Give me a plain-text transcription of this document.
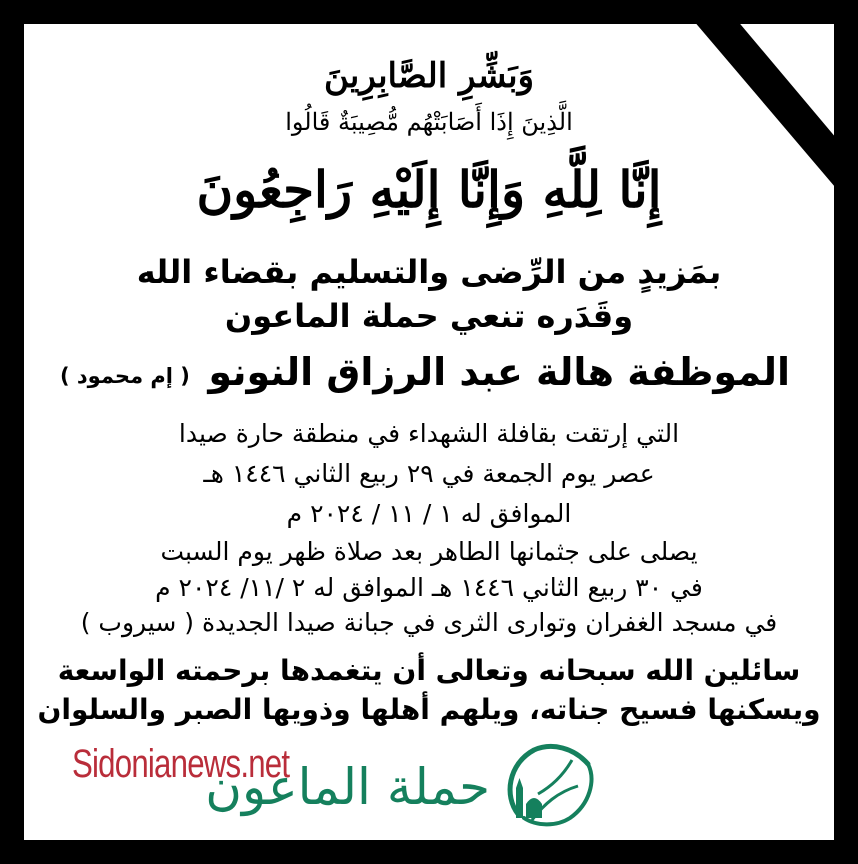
وَبَشِّرِ الصَّابِرِينَ
الَّذِينَ إِذَا أَصَابَتْهُم مُّصِيبَةٌ قَالُوا
إِنَّا لِلَّهِ وَإِنَّا إِلَيْهِ رَاجِعُونَ
بمَزيدٍ من الرِّضى والتسليم بقضاء الله
وقَدَره تنعي حملة الماعون
الموظفة هالة عبد الرزاق النونو
( إم محمود )
التي إرتقت بقافلة الشهداء في منطقة حارة صيدا
عصر يوم الجمعة في ٢٩ ربيع الثاني ١٤٤٦ هـ
الموافق له ١ / ١١ / ٢٠٢٤ م
يصلى على جثمانها الطاهر بعد صلاة ظهر يوم السبت
في ٣٠ ربيع الثاني ١٤٤٦ هـ الموافق له ٢ /١١/ ٢٠٢٤ م
في مسجد الغفران وتوارى الثرى في جبانة صيدا الجديدة ( سيروب )
سائلين الله سبحانه وتعالى أن يتغمدها برحمته الواسعة
ويسكنها فسيح جناته، ويلهم أهلها وذويها الصبر والسلوان
Sidonianews.net
حملة الماعون
